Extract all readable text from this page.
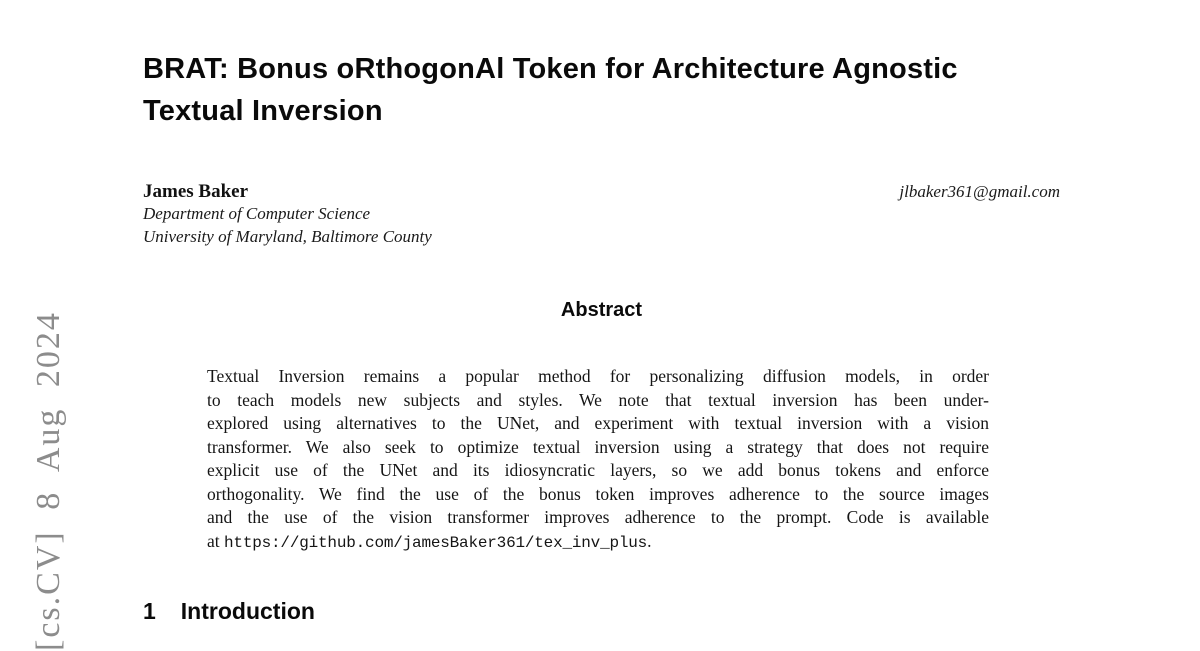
[cs.CV] 8 Aug 2024
BRAT: Bonus oRthogonAl Token for Architecture Agnostic
Textual Inversion
James Baker
Department of Computer Science
University of Maryland, Baltimore County
jlbaker361@gmail.com
Abstract
Textual Inversion remains a popular method for personalizing diffusion models, in order
to teach models new subjects and styles. We note that textual inversion has been under-
explored using alternatives to the UNet, and experiment with textual inversion with a vision
transformer. We also seek to optimize textual inversion using a strategy that does not require
explicit use of the UNet and its idiosyncratic layers, so we add bonus tokens and enforce
orthogonality. We find the use of the bonus token improves adherence to the source images
and the use of the vision transformer improves adherence to the prompt. Code is available
at https://github.com/jamesBaker361/tex_inv_plus.
1 Introduction
